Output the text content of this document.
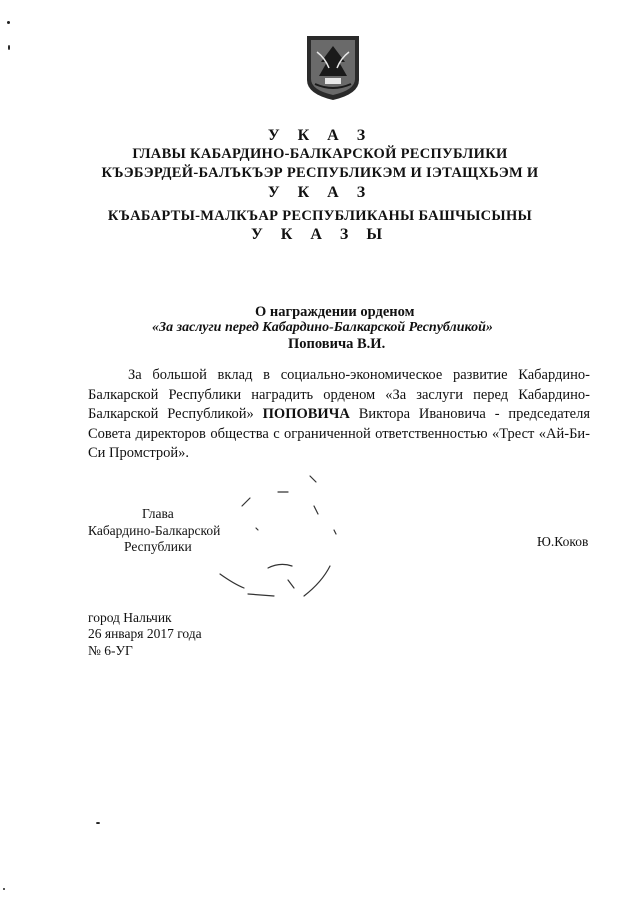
У К А З
ГЛАВЫ КАБАРДИНО-БАЛКАРСКОЙ РЕСПУБЛИКИ
КЪЭБЭРДЕЙ-БАЛЪКЪЭР РЕСПУБЛИКЭМ И ІЭТАЩХЬЭМ И
У К А З
КЪАБАРТЫ-МАЛКЪАР РЕСПУБЛИКАНЫ БАШЧЫСЫНЫ
У К А З Ы
О награждении орденом
«За заслуги перед Кабардино-Балкарской Республикой»
Поповича В.И.
За большой вклад в социально-экономическое развитие Кабардино-Балкарской Республики наградить орденом «За заслуги перед Кабардино-Балкарской Республикой» ПОПОВИЧА Виктора Ивановича - председателя Совета директоров общества с ограниченной ответственностью «Трест «Ай-Би-Си Промстрой».
Глава
Кабардино-Балкарской
Республики	Ю.Коков
город Нальчик
26 января 2017 года
№ 6-УГ
